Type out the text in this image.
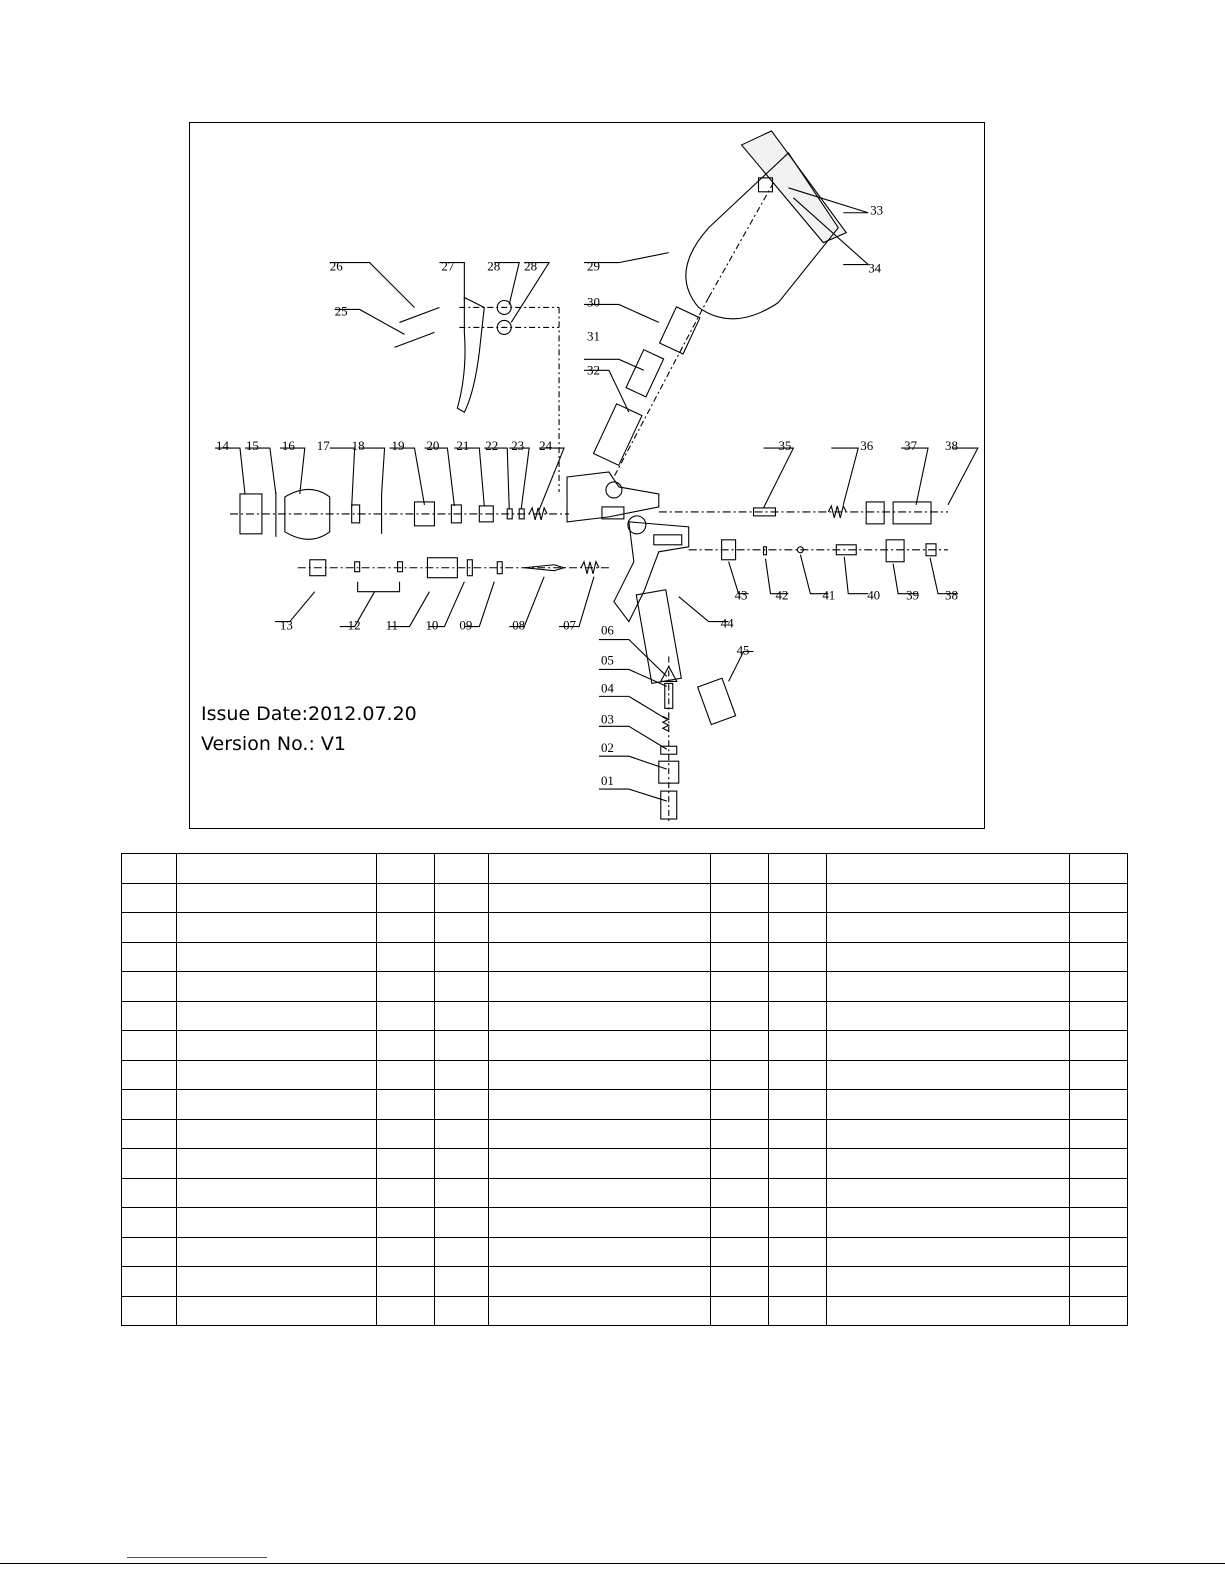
26
25
27	28 28	29
30
31
32
33
34
35	36 37 38
14 15 16 17 18 19 20 21 22 23 24
13	12 11 10 09	08	07
43 42	41 40 39 38
44
45
06
05
04
03
02
01
Issue Date:2012.07.20
Version No.: V1
